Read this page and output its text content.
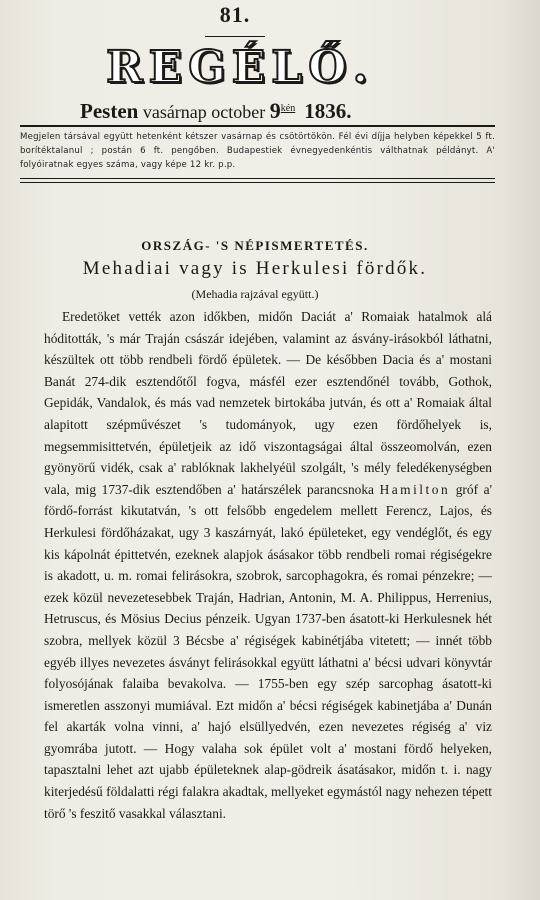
81.
REGÉLŐ.
Pesten vasárnap october $9^{kén}$ 1836.
Megjelen társával együtt hetenként kétszer vasárnap és csötörtökön. Fél évi díjja helyben képekkel 5 ft. borítéktalanul ; postán 6 ft. pengőben. Budapestiek évnegyedenkéntis válthatnak példányt. A' folyóiratnak egyes száma, vagy képe 12 kr. p.p.
ORSZÁG- 'S NÉPISMERTETÉS.
Mehadiai vagy is Herkulesi fördők.
(Mehadia rajzával együtt.)

Eredetöket vették azon időkben, midőn Daciát a' Romaiak hatalmok alá hóditották, 's már Traján császár idejében, valamint az ásvány-irásokból láthatni, készültek ott több rendbeli fördő épületek. — De későbben Dacia és a' mostani Banát 274-dik esztendőtől fogva, másfél ezer esztendőnél tovább, Gothok, Gepidák, Vandalok, és más vad nemzetek birtokába jutván, és ott a' Romaiak által alapitott szépművészet 's tudományok, ugy ezen fördőhelyek is, megsemmisittetvén, épületjeik az idő viszontagságai által összeomolván, ezen gyönyörű vidék, csak a' rablóknak lakhelyéül szolgált, 's mély feledékenységben vala, mig 1737-dik esztendőben a' határszélek parancsnoka Hamilton gróf a' fördő-forrást kikutatván, 's ott felsőbb engedelem mellett Ferencz, Lajos, és Herkulesi fördőházakat, ugy 3 kaszárnyát, lakó épületeket, egy vendéglőt, és egy kis kápolnát épittetvén, ezeknek alapjok ásásakor több rendbeli romai régiségekre is akadott, u. m. romai felirásokra, szobrok, sarcophagokra, és romai pénzekre; — ezek közül nevezetesebbek Traján, Hadrian, Antonin, M. A. Philippus, Herrenius, Hetruscus, és Mösius Decius pénzeik. Ugyan 1737-ben ásatott-ki Herkulesnek hét szobra, mellyek közül 3 Bécsbe a' régiségek kabinétjába vitetett; — innét több egyéb illyes nevezetes ásványt felirásokkal együtt láthatni a' bécsi udvari könyvtár folyosójának falaiba bevakolva. — 1755-ben egy szép sarcophag ásatott-ki ismeretlen asszonyi mumiával. Ezt midőn a' bécsi régiségek kabinetjába a' Dunán fel akarták volna vinni, a' hajó elsüllyedvén, ezen nevezetes régiség a' viz gyomrába jutott. — Hogy valaha sok épület volt a' mostani fördő helyeken, tapasztalni lehet azt ujabb épületeknek alap-gödreik ásatásakor, midőn t. i. nagy kiterjedésű földalatti régi falakra akadtak, mellyeket egymástól nagy nehezen tépett törő 's feszitő vasakkal választani.
